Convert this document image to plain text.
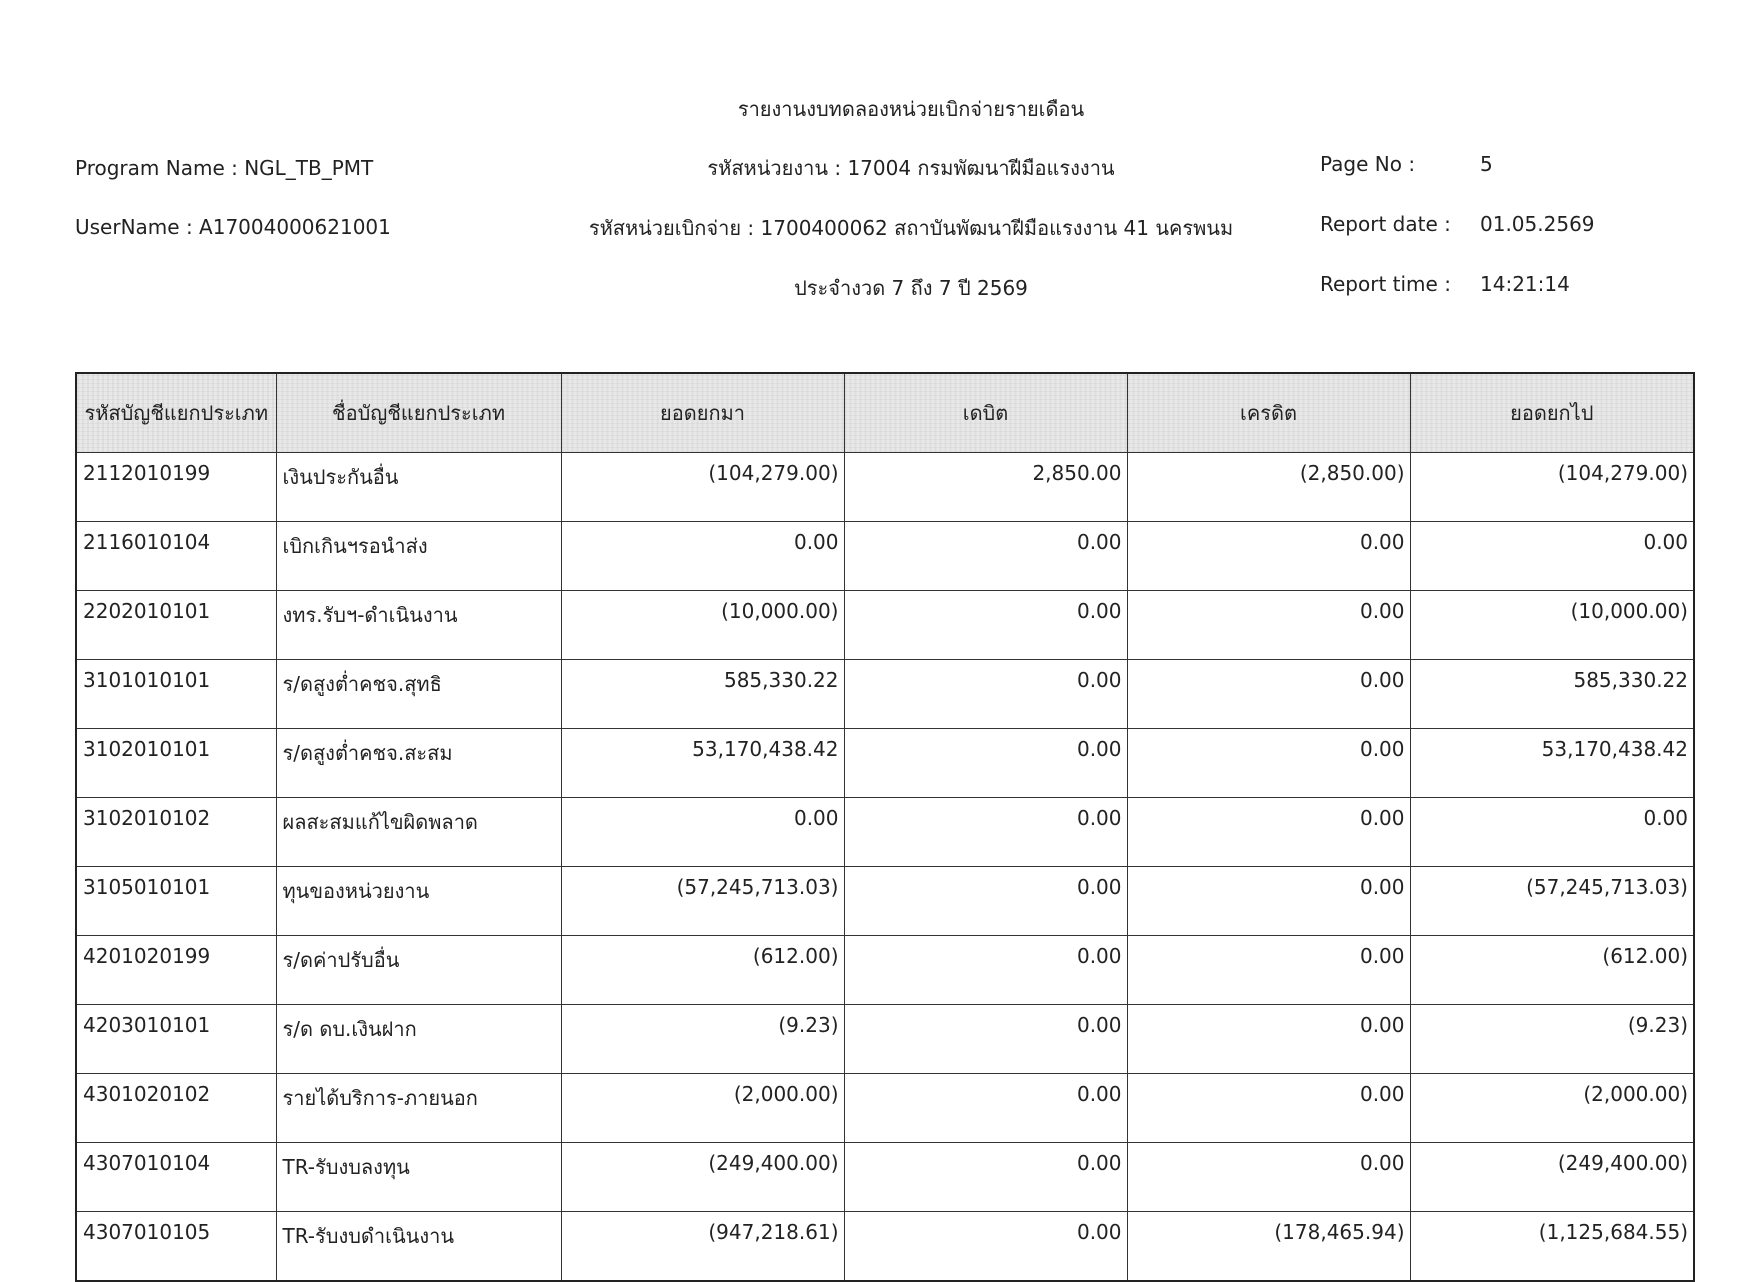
รายงานงบทดลองหน่วยเบิกจ่ายรายเดือน
Program Name : NGL_TB_PMT	รหัสหน่วยงาน : 17004 กรมพัฒนาฝีมือแรงงาน	Page No :	5
UserName : A17004000621001	รหัสหน่วยเบิกจ่าย : 1700400062 สถาบันพัฒนาฝีมือแรงงาน 41 นครพนม	Report date : 01.05.2569
ประจำงวด 7 ถึง 7 ปี 2569	Report time : 14:21:14
รหัสบัญชีแยกประเภท	ชื่อบัญชีแยกประเภท	ยอดยกมา	เดบิต	เครดิต	ยอดยกไป
2112010199	เงินประกันอื่น	(104,279.00)	2,850.00	(2,850.00)	(104,279.00)
2116010104	เบิกเกินฯรอนำส่ง	0.00	0.00	0.00	0.00
2202010101	งทร.รับฯ-ดำเนินงาน	(10,000.00)	0.00	0.00	(10,000.00)
3101010101	ร/ดสูงต่ำคชจ.สุทธิ	585,330.22	0.00	0.00	585,330.22
3102010101	ร/ดสูงต่ำคชจ.สะสม	53,170,438.42	0.00	0.00	53,170,438.42
3102010102	ผลสะสมแก้ไขผิดพลาด	0.00	0.00	0.00	0.00
3105010101	ทุนของหน่วยงาน	(57,245,713.03)	0.00	0.00	(57,245,713.03)
4201020199	ร/ดค่าปรับอื่น	(612.00)	0.00	0.00	(612.00)
4203010101	ร/ด ดบ.เงินฝาก	(9.23)	0.00	0.00	(9.23)
4301020102	รายได้บริการ-ภายนอก	(2,000.00)	0.00	0.00	(2,000.00)
4307010104	TR-รับงบลงทุน	(249,400.00)	0.00	0.00	(249,400.00)
4307010105	TR-รับงบดำเนินงาน	(947,218.61)	0.00	(178,465.94)	(1,125,684.55)
